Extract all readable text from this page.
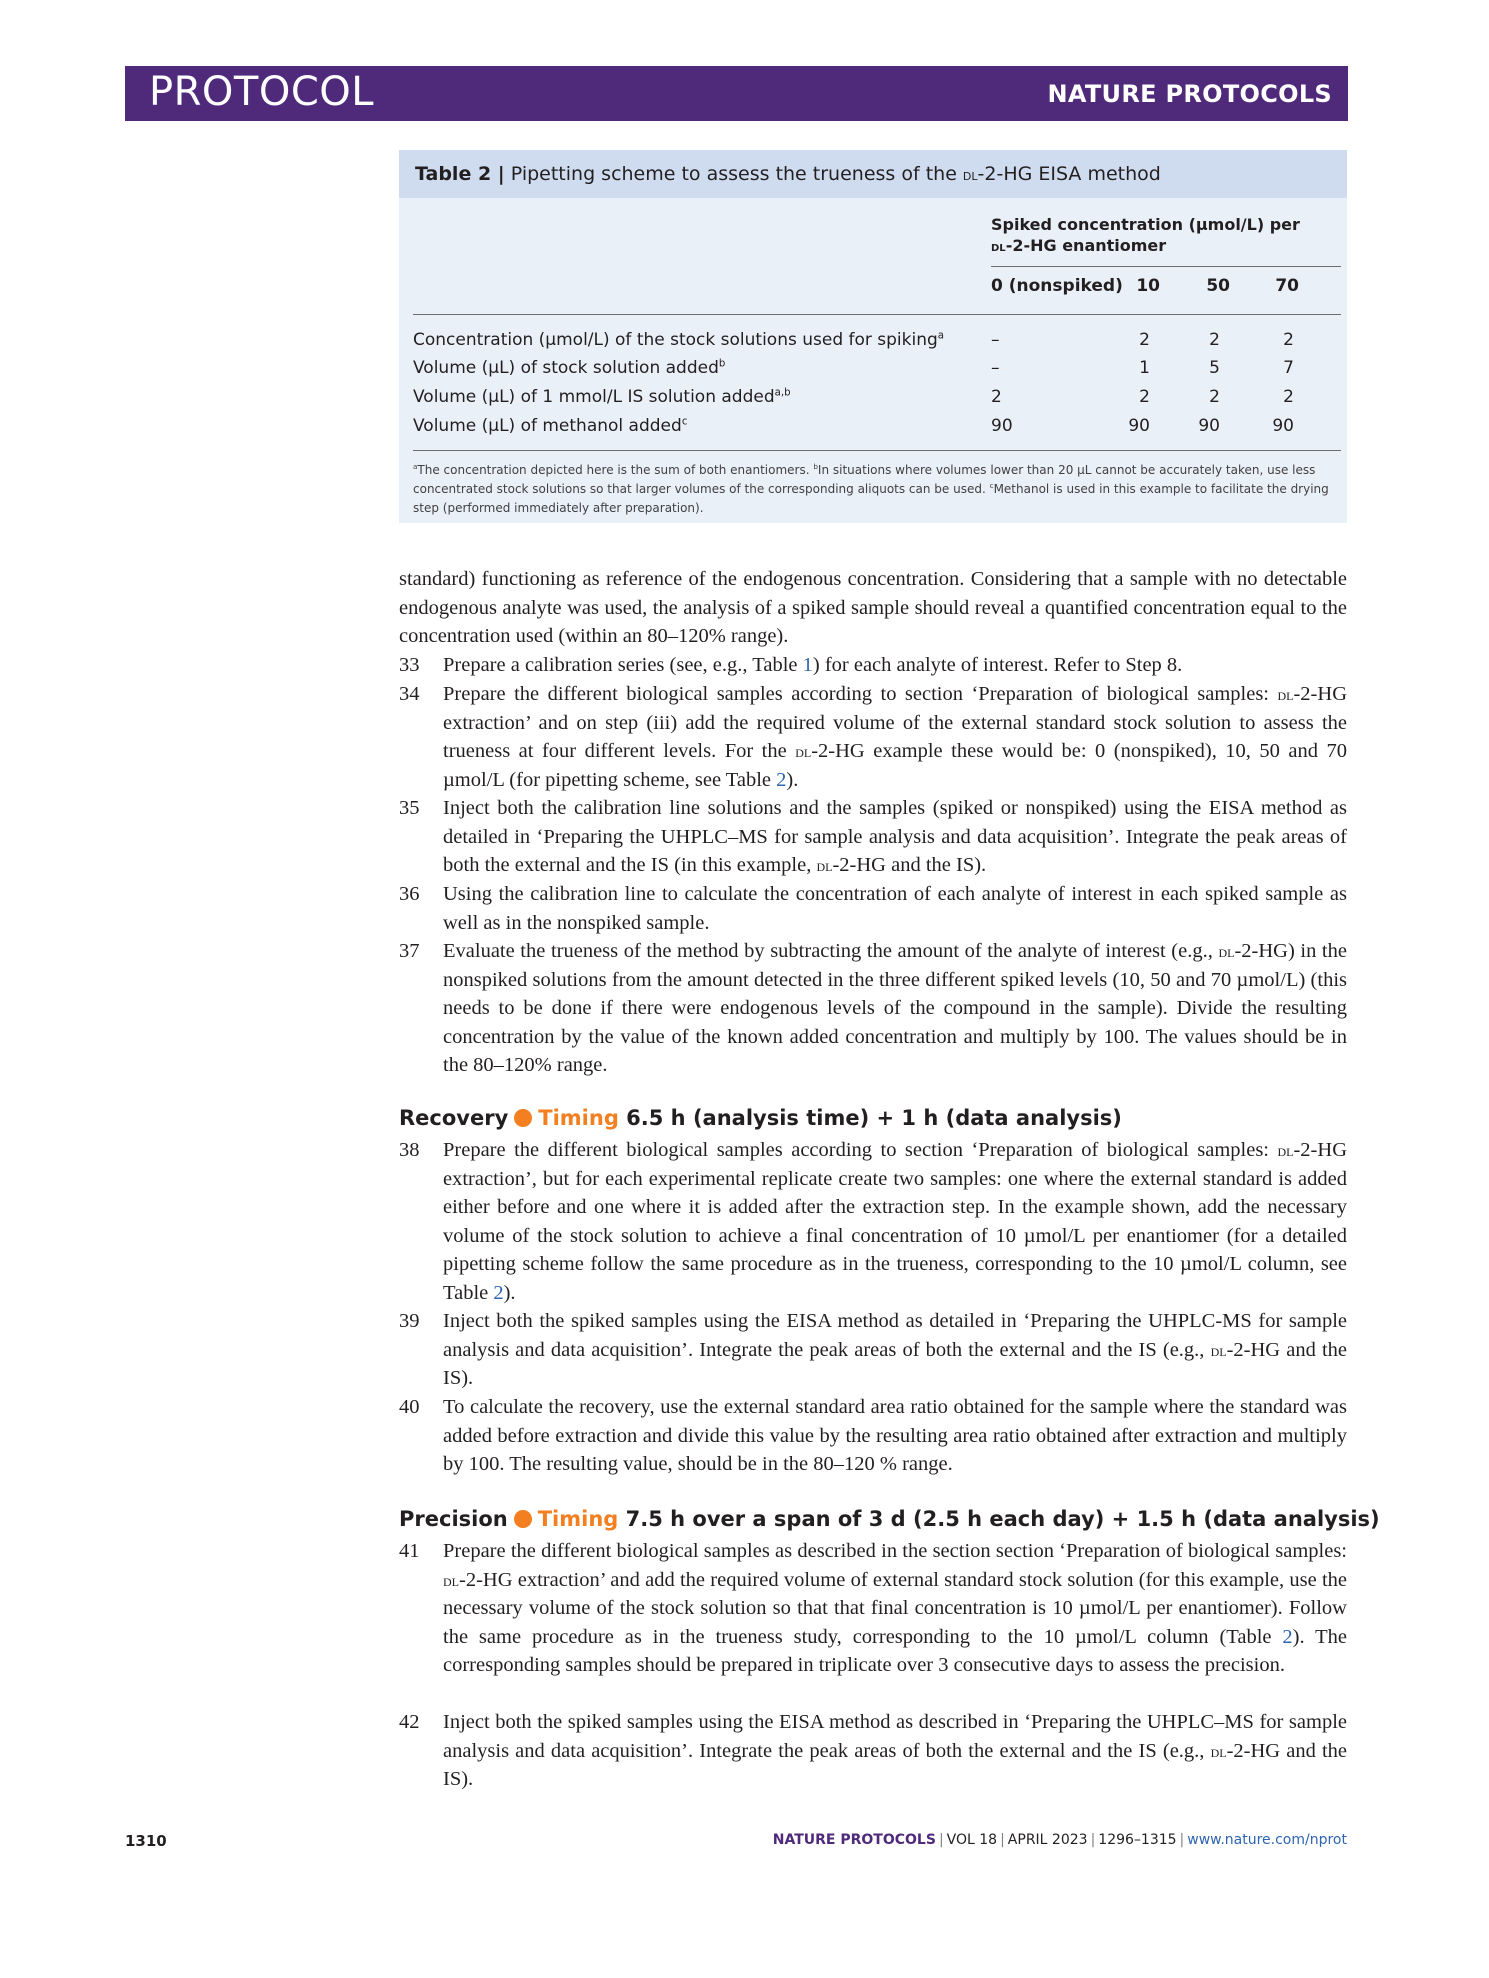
PROTOCOL	NATURE PROTOCOLS
Table 2 | Pipetting scheme to assess the trueness of the dl-2-HG EISA method
Spiked concentration (µmol/L) per
dl-2-HG enantiomer
0 (nonspiked) 10	50	70
Concentration (µmol/L) of the stock solutions used for spiking$^a$	–	2	2	2
Volume (µL) of stock solution added$^b$	–	1	5	7
Volume (µL) of 1 mmol/L IS solution added$^{a,b}$	2	2	2	2
Volume (µL) of methanol added$^c$	90	90	90	90
$^a$The concentration depicted here is the sum of both enantiomers. $^b$In situations where volumes lower than 20 µL cannot be accurately taken, use less concentrated stock solutions so that larger volumes of the corresponding aliquots can be used. $^c$Methanol is used in this example to facilitate the drying step (performed immediately after preparation).
standard) functioning as reference of the endogenous concentration. Considering that a sample with no detectable endogenous analyte was used, the analysis of a spiked sample should reveal a quantified concentration equal to the concentration used (within an 80–120% range).
33	Prepare a calibration series (see, e.g., Table 1) for each analyte of interest. Refer to Step 8.
34	Prepare the different biological samples according to section ‘Preparation of biological samples: dl-2-HG extraction’ and on step (iii) add the required volume of the external standard stock solution to assess the trueness at four different levels. For the dl-2-HG example these would be: 0 (nonspiked), 10, 50 and 70 µmol/L (for pipetting scheme, see Table 2).
35	Inject both the calibration line solutions and the samples (spiked or nonspiked) using the EISA method as detailed in ‘Preparing the UHPLC–MS for sample analysis and data acquisition’. Integrate the peak areas of both the external and the IS (in this example, dl-2-HG and the IS).
36	Using the calibration line to calculate the concentration of each analyte of interest in each spiked sample as well as in the nonspiked sample.
37	Evaluate the trueness of the method by subtracting the amount of the analyte of interest (e.g., dl-2-HG) in the nonspiked solutions from the amount detected in the three different spiked levels (10, 50 and 70 µmol/L) (this needs to be done if there were endogenous levels of the compound in the sample). Divide the resulting concentration by the value of the known added concentration and multiply by 100. The values should be in the 80–120% range.
Recovery Timing 6.5 h (analysis time) + 1 h (data analysis)
38	Prepare the different biological samples according to section ‘Preparation of biological samples: dl-2-HG extraction’, but for each experimental replicate create two samples: one where the external standard is added either before and one where it is added after the extraction step. In the example shown, add the necessary volume of the stock solution to achieve a final concentration of 10 µmol/L per enantiomer (for a detailed pipetting scheme follow the same procedure as in the trueness, corresponding to the 10 µmol/L column, see Table 2).
39	Inject both the spiked samples using the EISA method as detailed in ‘Preparing the UHPLC-MS for sample analysis and data acquisition’. Integrate the peak areas of both the external and the IS (e.g., dl-2-HG and the IS).
40	To calculate the recovery, use the external standard area ratio obtained for the sample where the standard was added before extraction and divide this value by the resulting area ratio obtained after extraction and multiply by 100. The resulting value, should be in the 80–120 % range.
Precision Timing 7.5 h over a span of 3 d (2.5 h each day) + 1.5 h (data analysis)
41	Prepare the different biological samples as described in the section section ‘Preparation of biological samples: dl-2-HG extraction’ and add the required volume of external standard stock solution (for this example, use the necessary volume of the stock solution so that that final concentration is 10 µmol/L per enantiomer). Follow the same procedure as in the trueness study, corresponding to the 10 µmol/L column (Table 2). The corresponding samples should be prepared in triplicate over 3 consecutive days to assess the precision.
42	Inject both the spiked samples using the EISA method as described in ‘Preparing the UHPLC–MS for sample analysis and data acquisition’. Integrate the peak areas of both the external and the IS (e.g., dl-2-HG and the IS).
1310	NATURE PROTOCOLS | VOL 18 | APRIL 2023 | 1296–1315 | www.nature.com/nprot
